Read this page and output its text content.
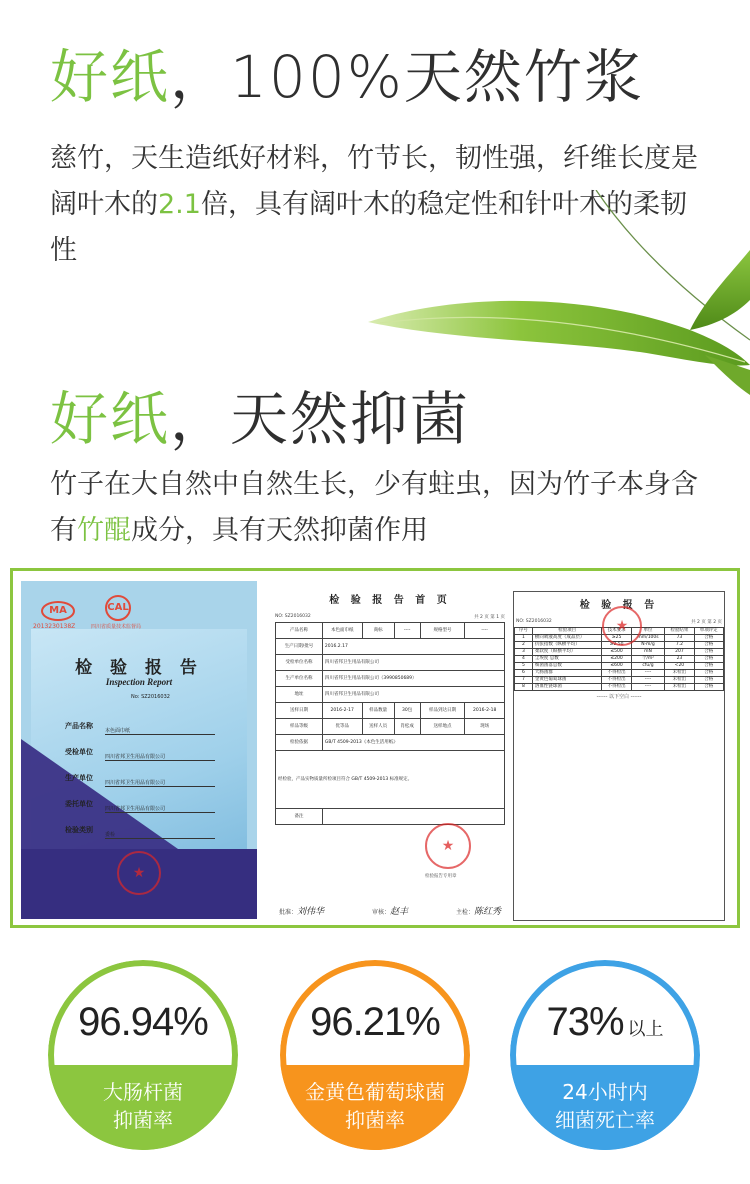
好纸，100%天然竹浆

慈竹，天生造纸好材料，竹节长，韧性强，纤维长度是阔叶木的2.1倍，具有阔叶木的稳定性和针叶木的柔韧性

好纸，天然抑菌

竹子在大自然中自然生长，少有蛀虫，因为竹子本身含有竹醌成分，具有天然抑菌作用

MA
2013230138Z
CAL
四川省质量技术监督局
检 验 报 告
Inspection Report
No: SZ2016032
产品名称
本色面巾纸
受检单位
四川省邦卫生用品有限公司
生产单位
四川省邦卫生用品有限公司
委托单位
四川省邦卫生用品有限公司
检验类别
委检
★
检 验 报 告 首 页
NO: SZ2016032	共 2 页 第 1 页
产品名称	本色面巾纸	商标	----	规格型号	----
生产日期/批号	2016.2.17				
受检单位名称	四川省邦卫生用品有限公司				
生产单位名称	四川省邦卫生用品有限公司（3990850689）				
地址	四川省邦卫生用品有限公司				
送样日期	2016-2-17	样品数量	30包	样品到达日期	2016-2-18
样品等级	优等品	送样人员	肖松成	送样地点	现场
检验依据	GB/T 4509-2013《本色生活用纸》				
经检验，产品实物质量所检项目符合 GB/T 4509-2013 标准规定。					
备注					
★
检验报告专用章
批准：刘伟华	审核：赵丰	主检：陈红秀
检 验 报 告
NO: SZ2016032	共 2 页 第 2 页
序号	检验项目	技术要求	单位	检验结果	单项评定
1	横向吸液高度（成品层）	≥25	mm/100s	73	合格
2	抗张指数（纵横平均）	≥2.50	N·m/g	7.2	合格
3	柔软度（纵横平均）	≤500	mN	207	合格
4	尘埃度 总数	≤200	个/m²	23	合格
5	细菌菌落总数	≤600	cfu/g	<20	合格
6	大肠菌群	不得检出	----	未检出	合格
7	金黄色葡萄球菌	不得检出	----	未检出	合格
8	溶血性链球菌	不得检出	----	未检出	合格
------ 以下空白 ------
★
96.94%
大肠杆菌
抑菌率
96.21%
金黄色葡萄球菌
抑菌率
73% 以上
24小时内
细菌死亡率
